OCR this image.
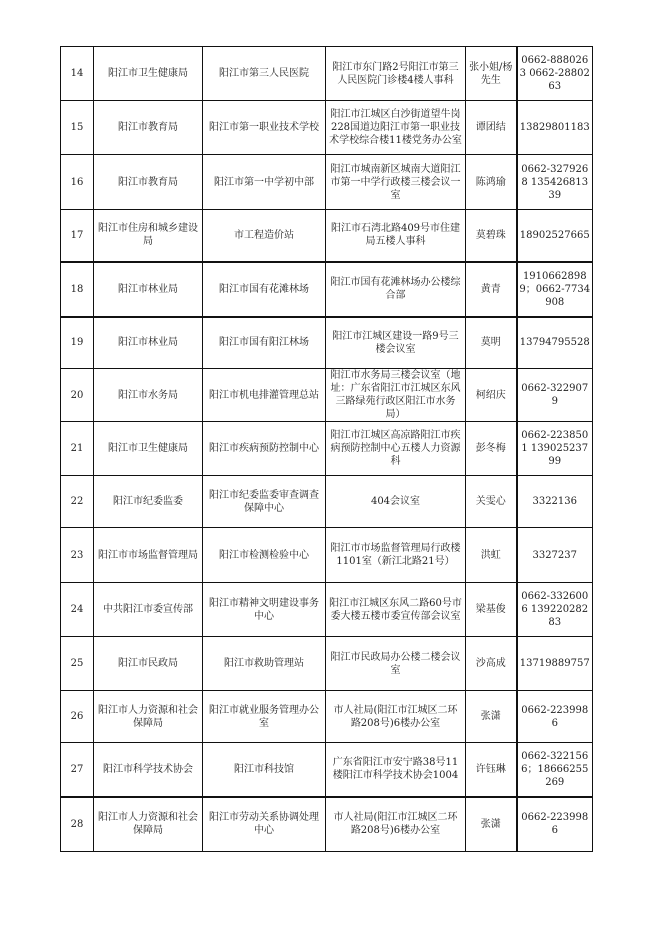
14	阳江市卫生健康局	阳江市第三人民医院	阳江市东门路2号阳江市第三人民医院门诊楼4楼人事科	张小姐/杨先生	0662-8880263 0662-2880263
15	阳江市教育局	阳江市第一职业技术学校	阳江市江城区白沙街道望牛岗228国道边阳江市第一职业技术学校综合楼11楼党务办公室	谭团结	13829801183
16	阳江市教育局	阳江市第一中学初中部	阳江市城南新区城南大道阳江市第一中学行政楼三楼会议一室	陈鸿瑜	0662-3279268 13542681339
17	阳江市住房和城乡建设局	市工程造价站	阳江市石湾北路409号市住建局五楼人事科	莫碧珠	18902527665
18	阳江市林业局	阳江市国有花滩林场	阳江市国有花滩林场办公楼综合部	黄青	19106628989；0662-7734908
19	阳江市林业局	阳江市国有阳江林场	阳江市江城区建设一路9号三楼会议室	莫明	13794795528
20	阳江市水务局	阳江市机电排灌管理总站	阳江市水务局三楼会议室（地址：广东省阳江市江城区东风三路绿苑行政区阳江市水务局）	柯绍庆	0662-3229079
21	阳江市卫生健康局	阳江市疾病预防控制中心	阳江市江城区高凉路阳江市疾病预防控制中心五楼人力资源科	彭冬梅	0662-2238501 13902523799
22	阳江市纪委监委	阳江市纪委监委审查调查保障中心	404会议室	关雯心	3322136
23	阳江市市场监督管理局	阳江市检测检验中心	阳江市市场监督管理局行政楼1101室（新江北路21号）	洪虹	3327237
24	中共阳江市委宣传部	阳江市精神文明建设事务中心	阳江市江城区东风二路60号市委大楼五楼市委宣传部会议室	梁基俊	0662-3326006 13922028283
25	阳江市民政局	阳江市救助管理站	阳江市民政局办公楼二楼会议室	沙高成	13719889757
26	阳江市人力资源和社会保障局	阳江市就业服务管理办公室	市人社局(阳江市江城区二环路208号)6楼办公室	张潇	0662-2239986
27	阳江市科学技术协会	阳江市科技馆	广东省阳江市安宁路38号11楼阳江市科学技术协会1004	许钰琳	0662-3221566；18666255269
28	阳江市人力资源和社会保障局	阳江市劳动关系协调处理中心	市人社局(阳江市江城区二环路208号)6楼办公室	张潇	0662-2239986
